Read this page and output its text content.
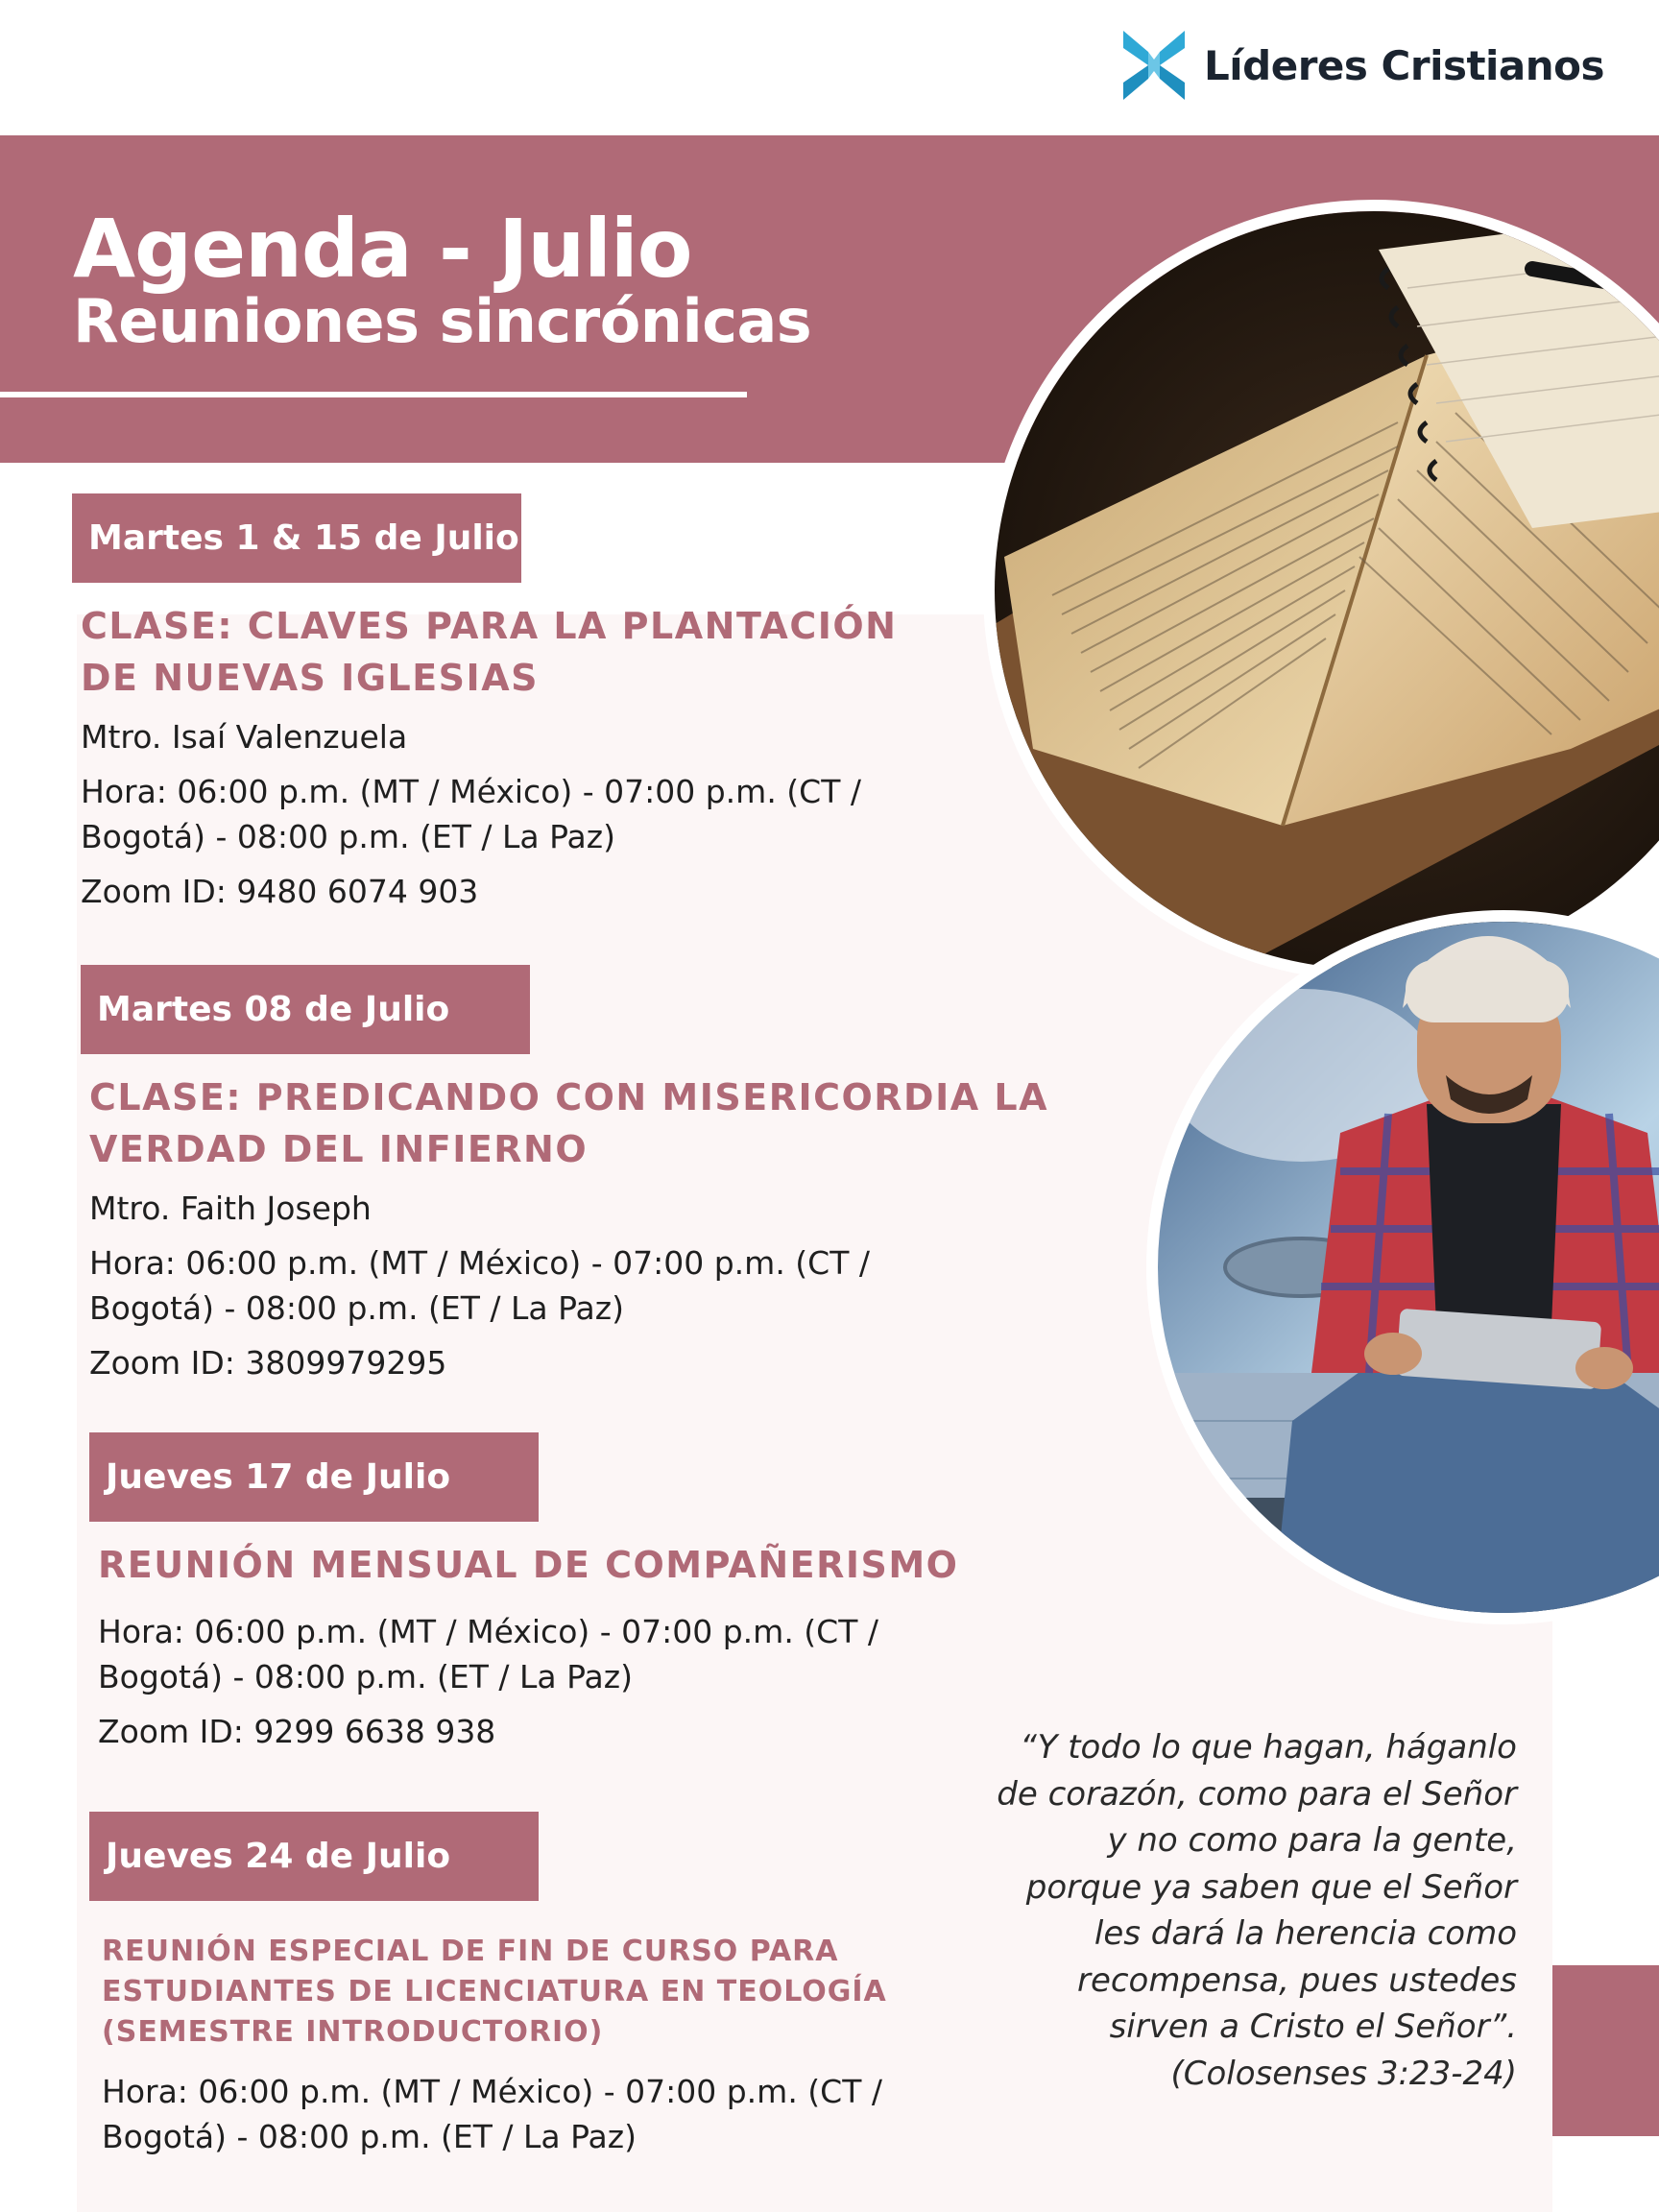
Líderes Cristianos
Agenda - Julio
Reuniones sincrónicas
Martes 1 & 15 de Julio
CLASE: CLAVES PARA LA PLANTACIÓN
DE NUEVAS IGLESIAS
Mtro. Isaí Valenzuela
Hora: 06:00 p.m. (MT / México) - 07:00 p.m. (CT /
Bogotá) - 08:00 p.m. (ET / La Paz)
Zoom ID: 9480 6074 903
Martes 08 de Julio
CLASE: PREDICANDO CON MISERICORDIA LA
VERDAD DEL INFIERNO
Mtro. Faith Joseph
Hora: 06:00 p.m. (MT / México) - 07:00 p.m. (CT /
Bogotá) - 08:00 p.m. (ET / La Paz)
Zoom ID: 3809979295
Jueves 17 de Julio
REUNIÓN MENSUAL DE COMPAÑERISMO
Hora: 06:00 p.m. (MT / México) - 07:00 p.m. (CT /
Bogotá) - 08:00 p.m. (ET / La Paz)
Zoom ID: 9299 6638 938
Jueves 24 de Julio
REUNIÓN ESPECIAL DE FIN DE CURSO PARA
ESTUDIANTES DE LICENCIATURA EN TEOLOGÍA
(SEMESTRE INTRODUCTORIO)
Hora: 06:00 p.m. (MT / México) - 07:00 p.m. (CT /
Bogotá) - 08:00 p.m. (ET / La Paz)
“Y todo lo que hagan, háganlo
de corazón, como para el Señor
y no como para la gente,
porque ya saben que el Señor
les dará la herencia como
recompensa, pues ustedes
sirven a Cristo el Señor”.
(Colosenses 3:23-24)
